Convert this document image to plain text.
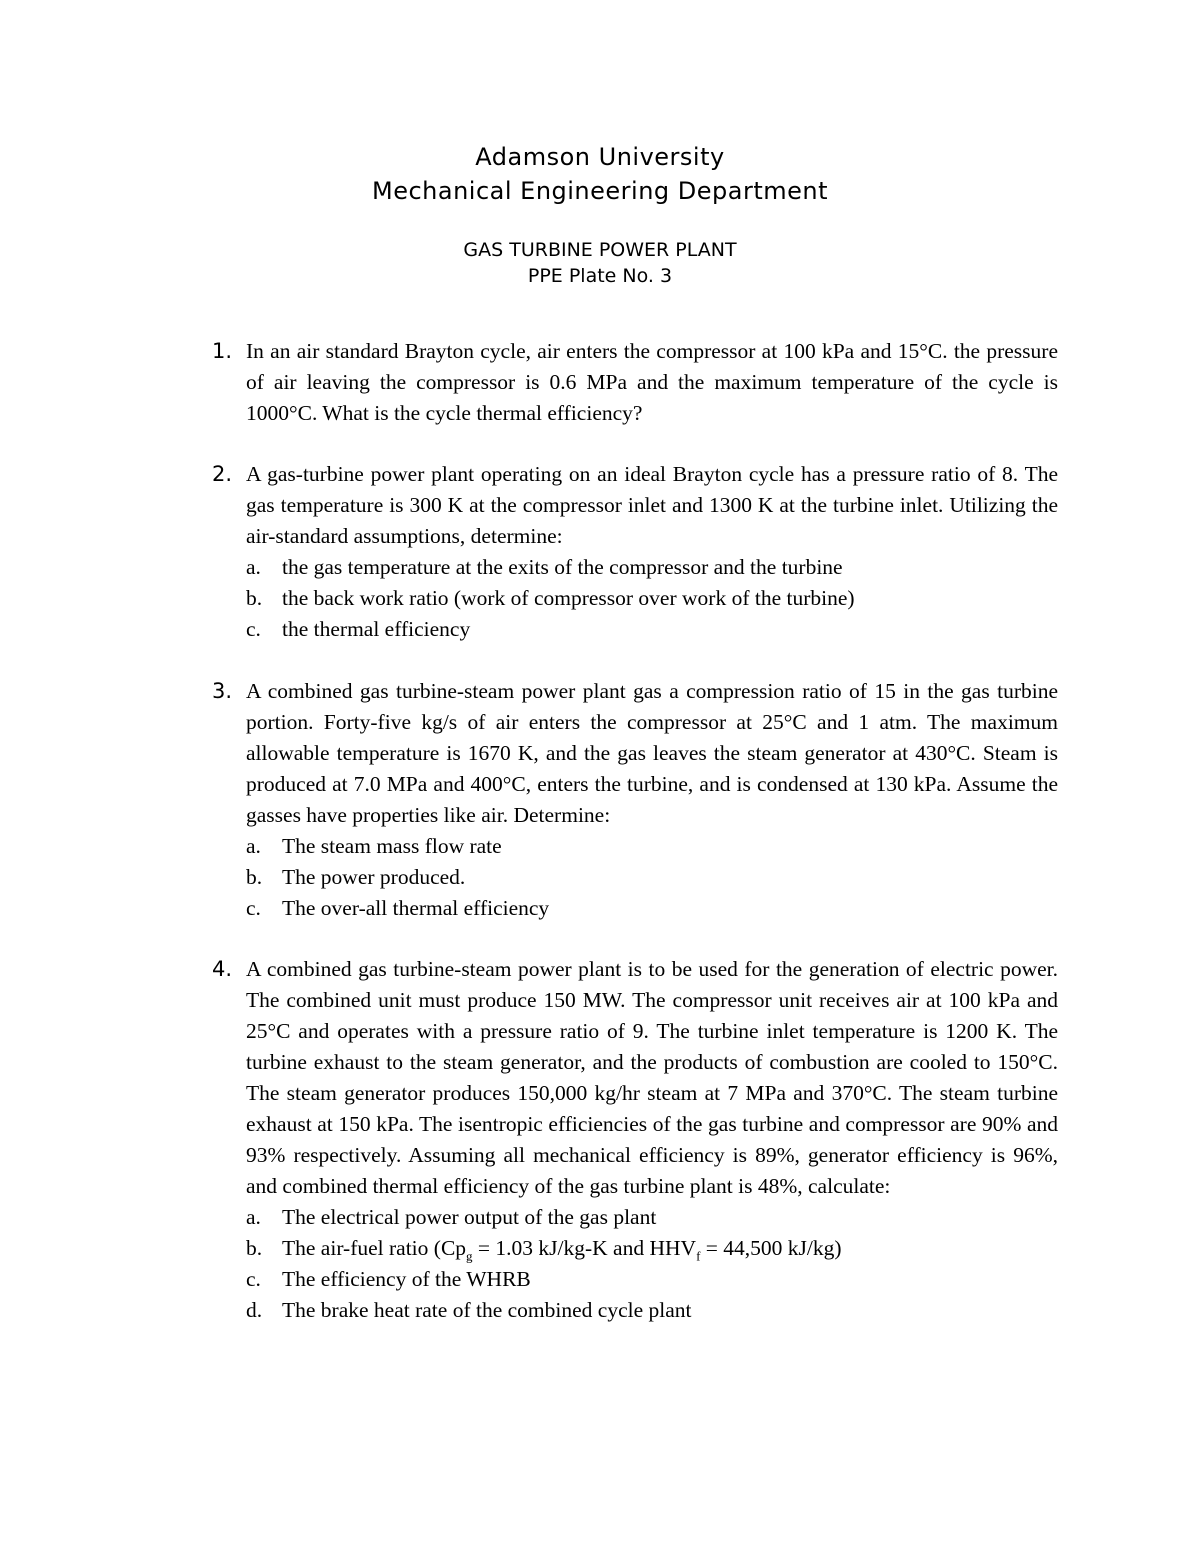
Adamson University
Mechanical Engineering Department
GAS TURBINE POWER PLANT
PPE Plate No. 3
1. In an air standard Brayton cycle, air enters the compressor at 100 kPa and 15°C. the pressure of air leaving the compressor is 0.6 MPa and the maximum temperature of the cycle is 1000°C. What is the cycle thermal efficiency?
2. A gas-turbine power plant operating on an ideal Brayton cycle has a pressure ratio of 8. The gas temperature is 300 K at the compressor inlet and 1300 K at the turbine inlet. Utilizing the air-standard assumptions, determine:
a. the gas temperature at the exits of the compressor and the turbine
b. the back work ratio (work of compressor over work of the turbine)
c. the thermal efficiency
3. A combined gas turbine-steam power plant gas a compression ratio of 15 in the gas turbine portion. Forty-five kg/s of air enters the compressor at 25°C and 1 atm. The maximum allowable temperature is 1670 K, and the gas leaves the steam generator at 430°C. Steam is produced at 7.0 MPa and 400°C, enters the turbine, and is condensed at 130 kPa. Assume the gasses have properties like air. Determine:
a. The steam mass flow rate
b. The power produced.
c. The over-all thermal efficiency
4. A combined gas turbine-steam power plant is to be used for the generation of electric power. The combined unit must produce 150 MW. The compressor unit receives air at 100 kPa and 25°C and operates with a pressure ratio of 9. The turbine inlet temperature is 1200 K. The turbine exhaust to the steam generator, and the products of combustion are cooled to 150°C. The steam generator produces 150,000 kg/hr steam at 7 MPa and 370°C. The steam turbine exhaust at 150 kPa. The isentropic efficiencies of the gas turbine and compressor are 90% and 93% respectively. Assuming all mechanical efficiency is 89%, generator efficiency is 96%, and combined thermal efficiency of the gas turbine plant is 48%, calculate:
a. The electrical power output of the gas plant
b. The air-fuel ratio ($Cp_g = 1.03$ kJ/kg-K and $HHV_f = 44,500$ kJ/kg)
c. The efficiency of the WHRB
d. The brake heat rate of the combined cycle plant
